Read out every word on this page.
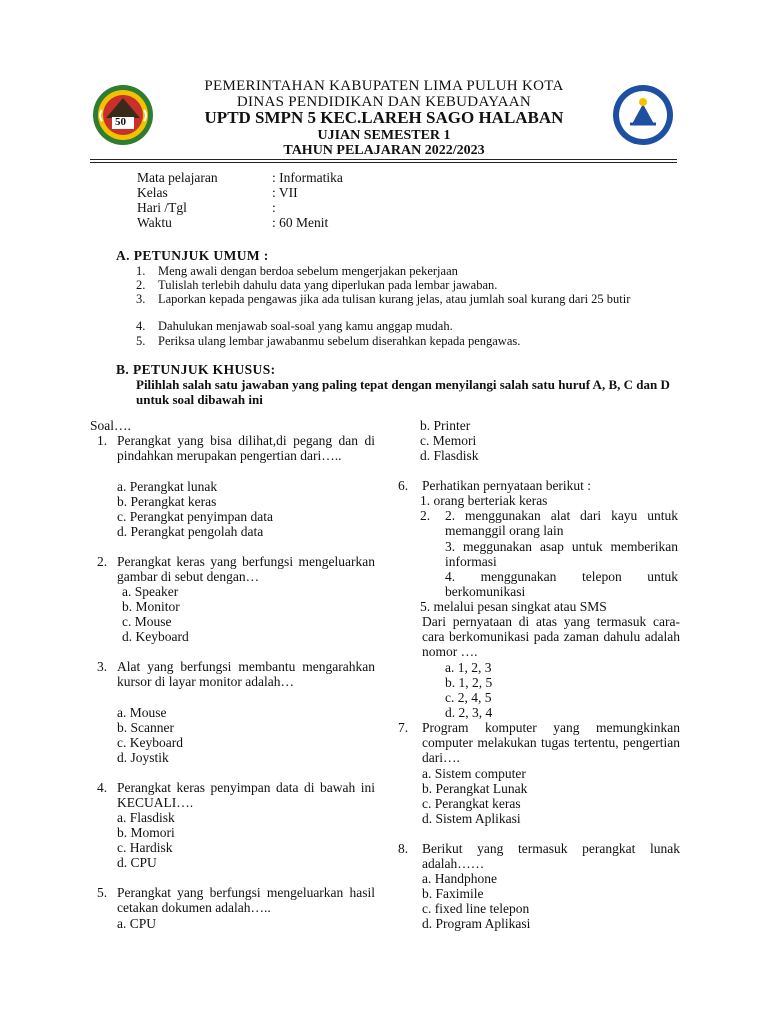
50
PEMERINTAHAN KABUPATEN LIMA PULUH KOTA
DINAS PENDIDIKAN DAN KEBUDAYAAN
UPTD SMPN 5 KEC.LAREH SAGO HALABAN
UJIAN SEMESTER 1
TAHUN PELAJARAN 2022/2023
Mata pelajaran	: Informatika
Kelas	: VII
Hari /Tgl	:
Waktu	: 60 Menit
A. PETUNJUK UMUM :
1. Meng awali dengan berdoa sebelum mengerjakan pekerjaan
2. Tulislah terlebih dahulu data yang diperlukan pada lembar jawaban.
3. Laporkan kepada pengawas jika ada tulisan kurang jelas, atau jumlah soal kurang dari 25 butir
4. Dahulukan menjawab soal-soal yang kamu anggap mudah.
5. Periksa ulang lembar jawabanmu sebelum diserahkan kepada pengawas.
B. PETUNJUK KHUSUS:
Pilihlah salah satu jawaban yang paling tepat dengan menyilangi salah satu huruf A, B, C dan D untuk soal dibawah ini
Soal….
1. Perangkat yang bisa dilihat,di pegang dan di pindahkan merupakan pengertian dari…..
a. Perangkat lunak
b. Perangkat keras
c. Perangkat penyimpan data
d. Perangkat pengolah data
2. Perangkat keras yang berfungsi mengeluarkan gambar di sebut dengan…
a. Speaker
b. Monitor
c. Mouse
d. Keyboard
3. Alat yang berfungsi membantu mengarahkan kursor di layar monitor adalah…
a. Mouse
b. Scanner
c. Keyboard
d. Joystik
4. Perangkat keras penyimpan data di bawah ini KECUALI….
a. Flasdisk
b. Momori
c. Hardisk
d. CPU
5. Perangkat yang berfungsi mengeluarkan hasil cetakan dokumen adalah…..
a. CPU
b. Printer
c. Memori
d. Flasdisk
6. Perhatikan pernyataan berikut :
1. orang berteriak keras
2. 2. menggunakan alat dari kayu untuk memanggil orang lain
3. meggunakan asap untuk memberikan informasi
4. menggunakan telepon untuk berkomunikasi
5. melalui pesan singkat atau SMS
Dari pernyataan di atas yang termasuk cara-cara berkomunikasi pada zaman dahulu adalah nomor ….
a. 1, 2, 3
b. 1, 2, 5
c. 2, 4, 5
d. 2, 3, 4
7. Program komputer yang memungkinkan computer melakukan tugas tertentu, pengertian dari….
a. Sistem computer
b. Perangkat Lunak
c. Perangkat keras
d. Sistem Aplikasi
8. Berikut yang termasuk perangkat lunak adalah……
a. Handphone
b. Faximile
c. fixed line telepon
d. Program Aplikasi
